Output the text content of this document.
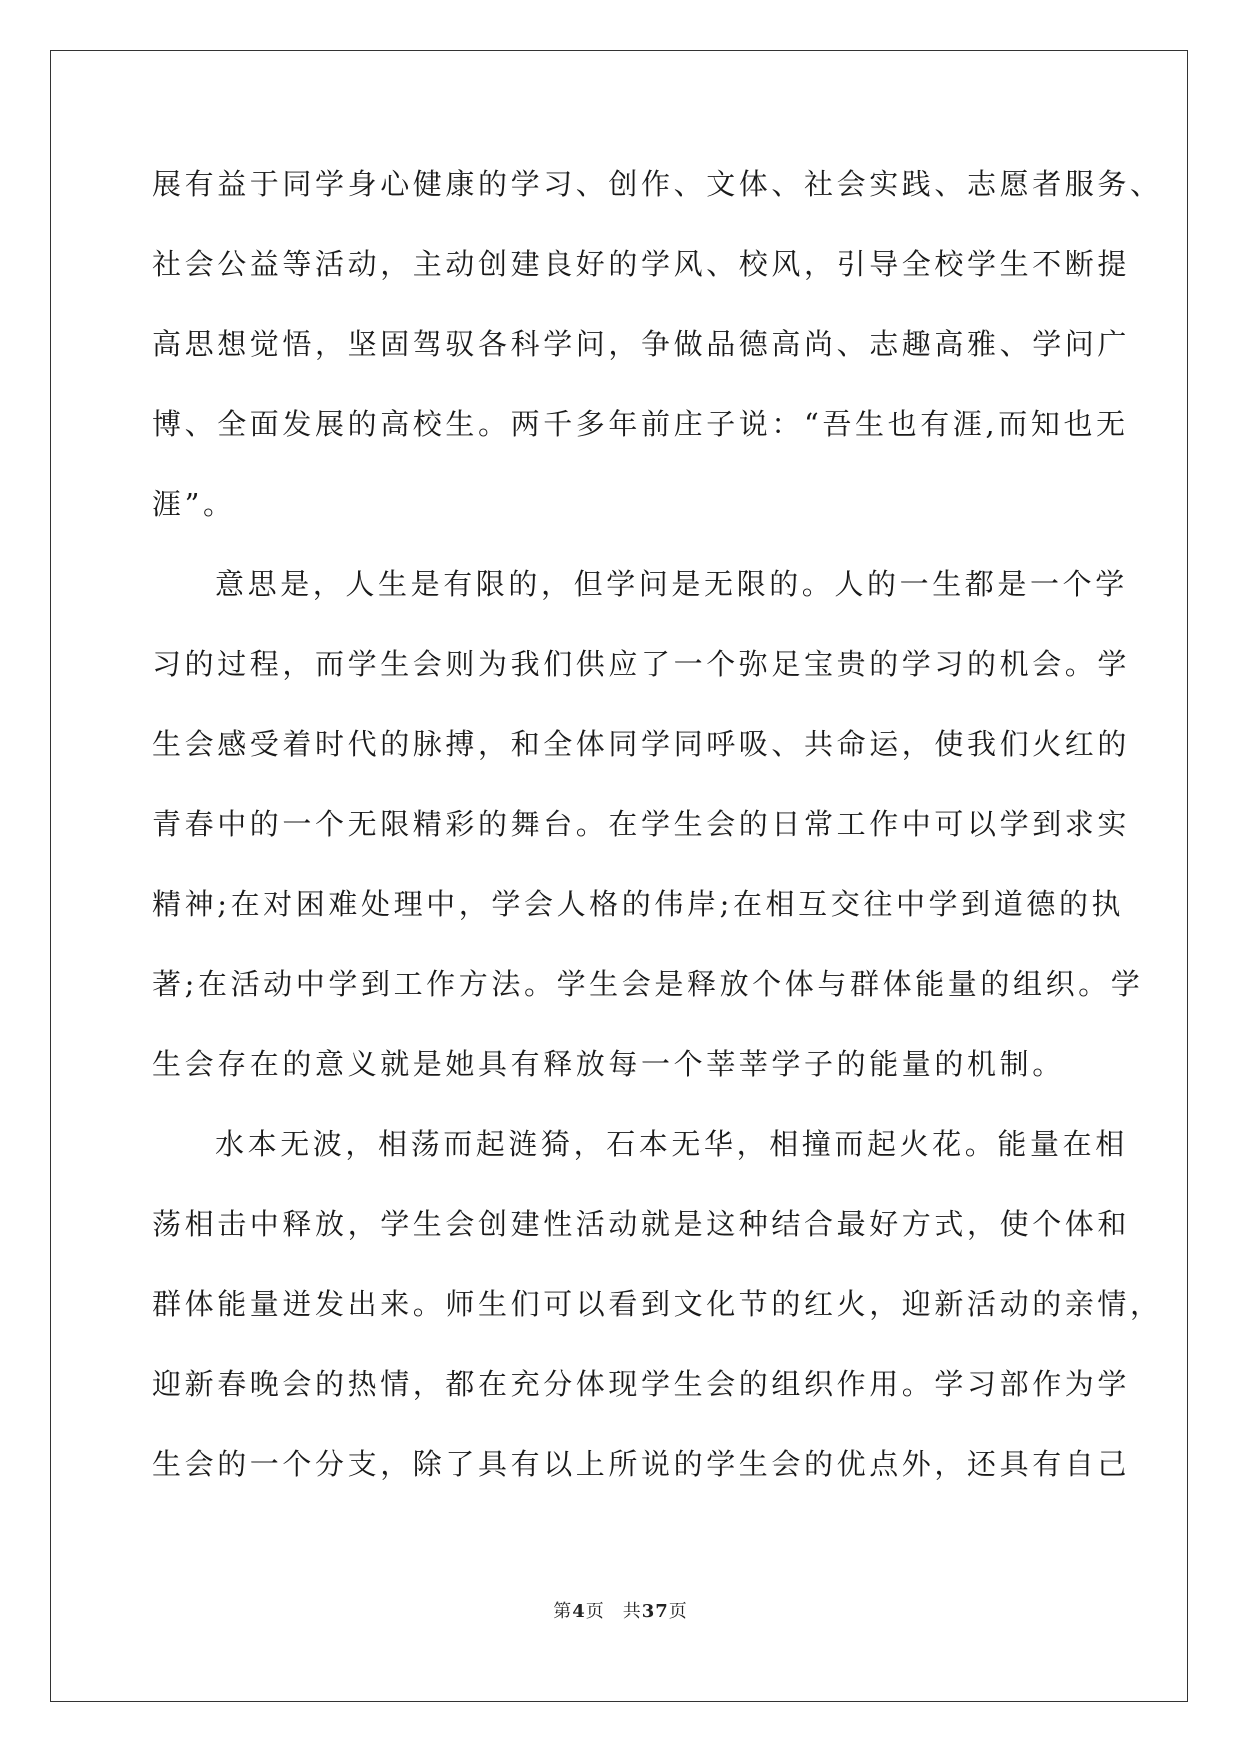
展有益于同学身心健康的学习、创作、文体、社会实践、志愿者服务、
社会公益等活动，主动创建良好的学风、校风，引导全校学生不断提
高思想觉悟，坚固驾驭各科学问，争做品德高尚、志趣高雅、学问广
博、全面发展的高校生。两千多年前庄子说：“吾生也有涯,而知也无
涯”。
意思是，人生是有限的，但学问是无限的。人的一生都是一个学
习的过程，而学生会则为我们供应了一个弥足宝贵的学习的机会。学
生会感受着时代的脉搏，和全体同学同呼吸、共命运，使我们火红的
青春中的一个无限精彩的舞台。在学生会的日常工作中可以学到求实
精神;在对困难处理中，学会人格的伟岸;在相互交往中学到道德的执
著;在活动中学到工作方法。学生会是释放个体与群体能量的组织。学
生会存在的意义就是她具有释放每一个莘莘学子的能量的机制。
水本无波，相荡而起涟猗，石本无华，相撞而起火花。能量在相
荡相击中释放，学生会创建性活动就是这种结合最好方式，使个体和
群体能量迸发出来。师生们可以看到文化节的红火，迎新活动的亲情，
迎新春晚会的热情，都在充分体现学生会的组织作用。学习部作为学
生会的一个分支，除了具有以上所说的学生会的优点外，还具有自己
第4页 共37页
